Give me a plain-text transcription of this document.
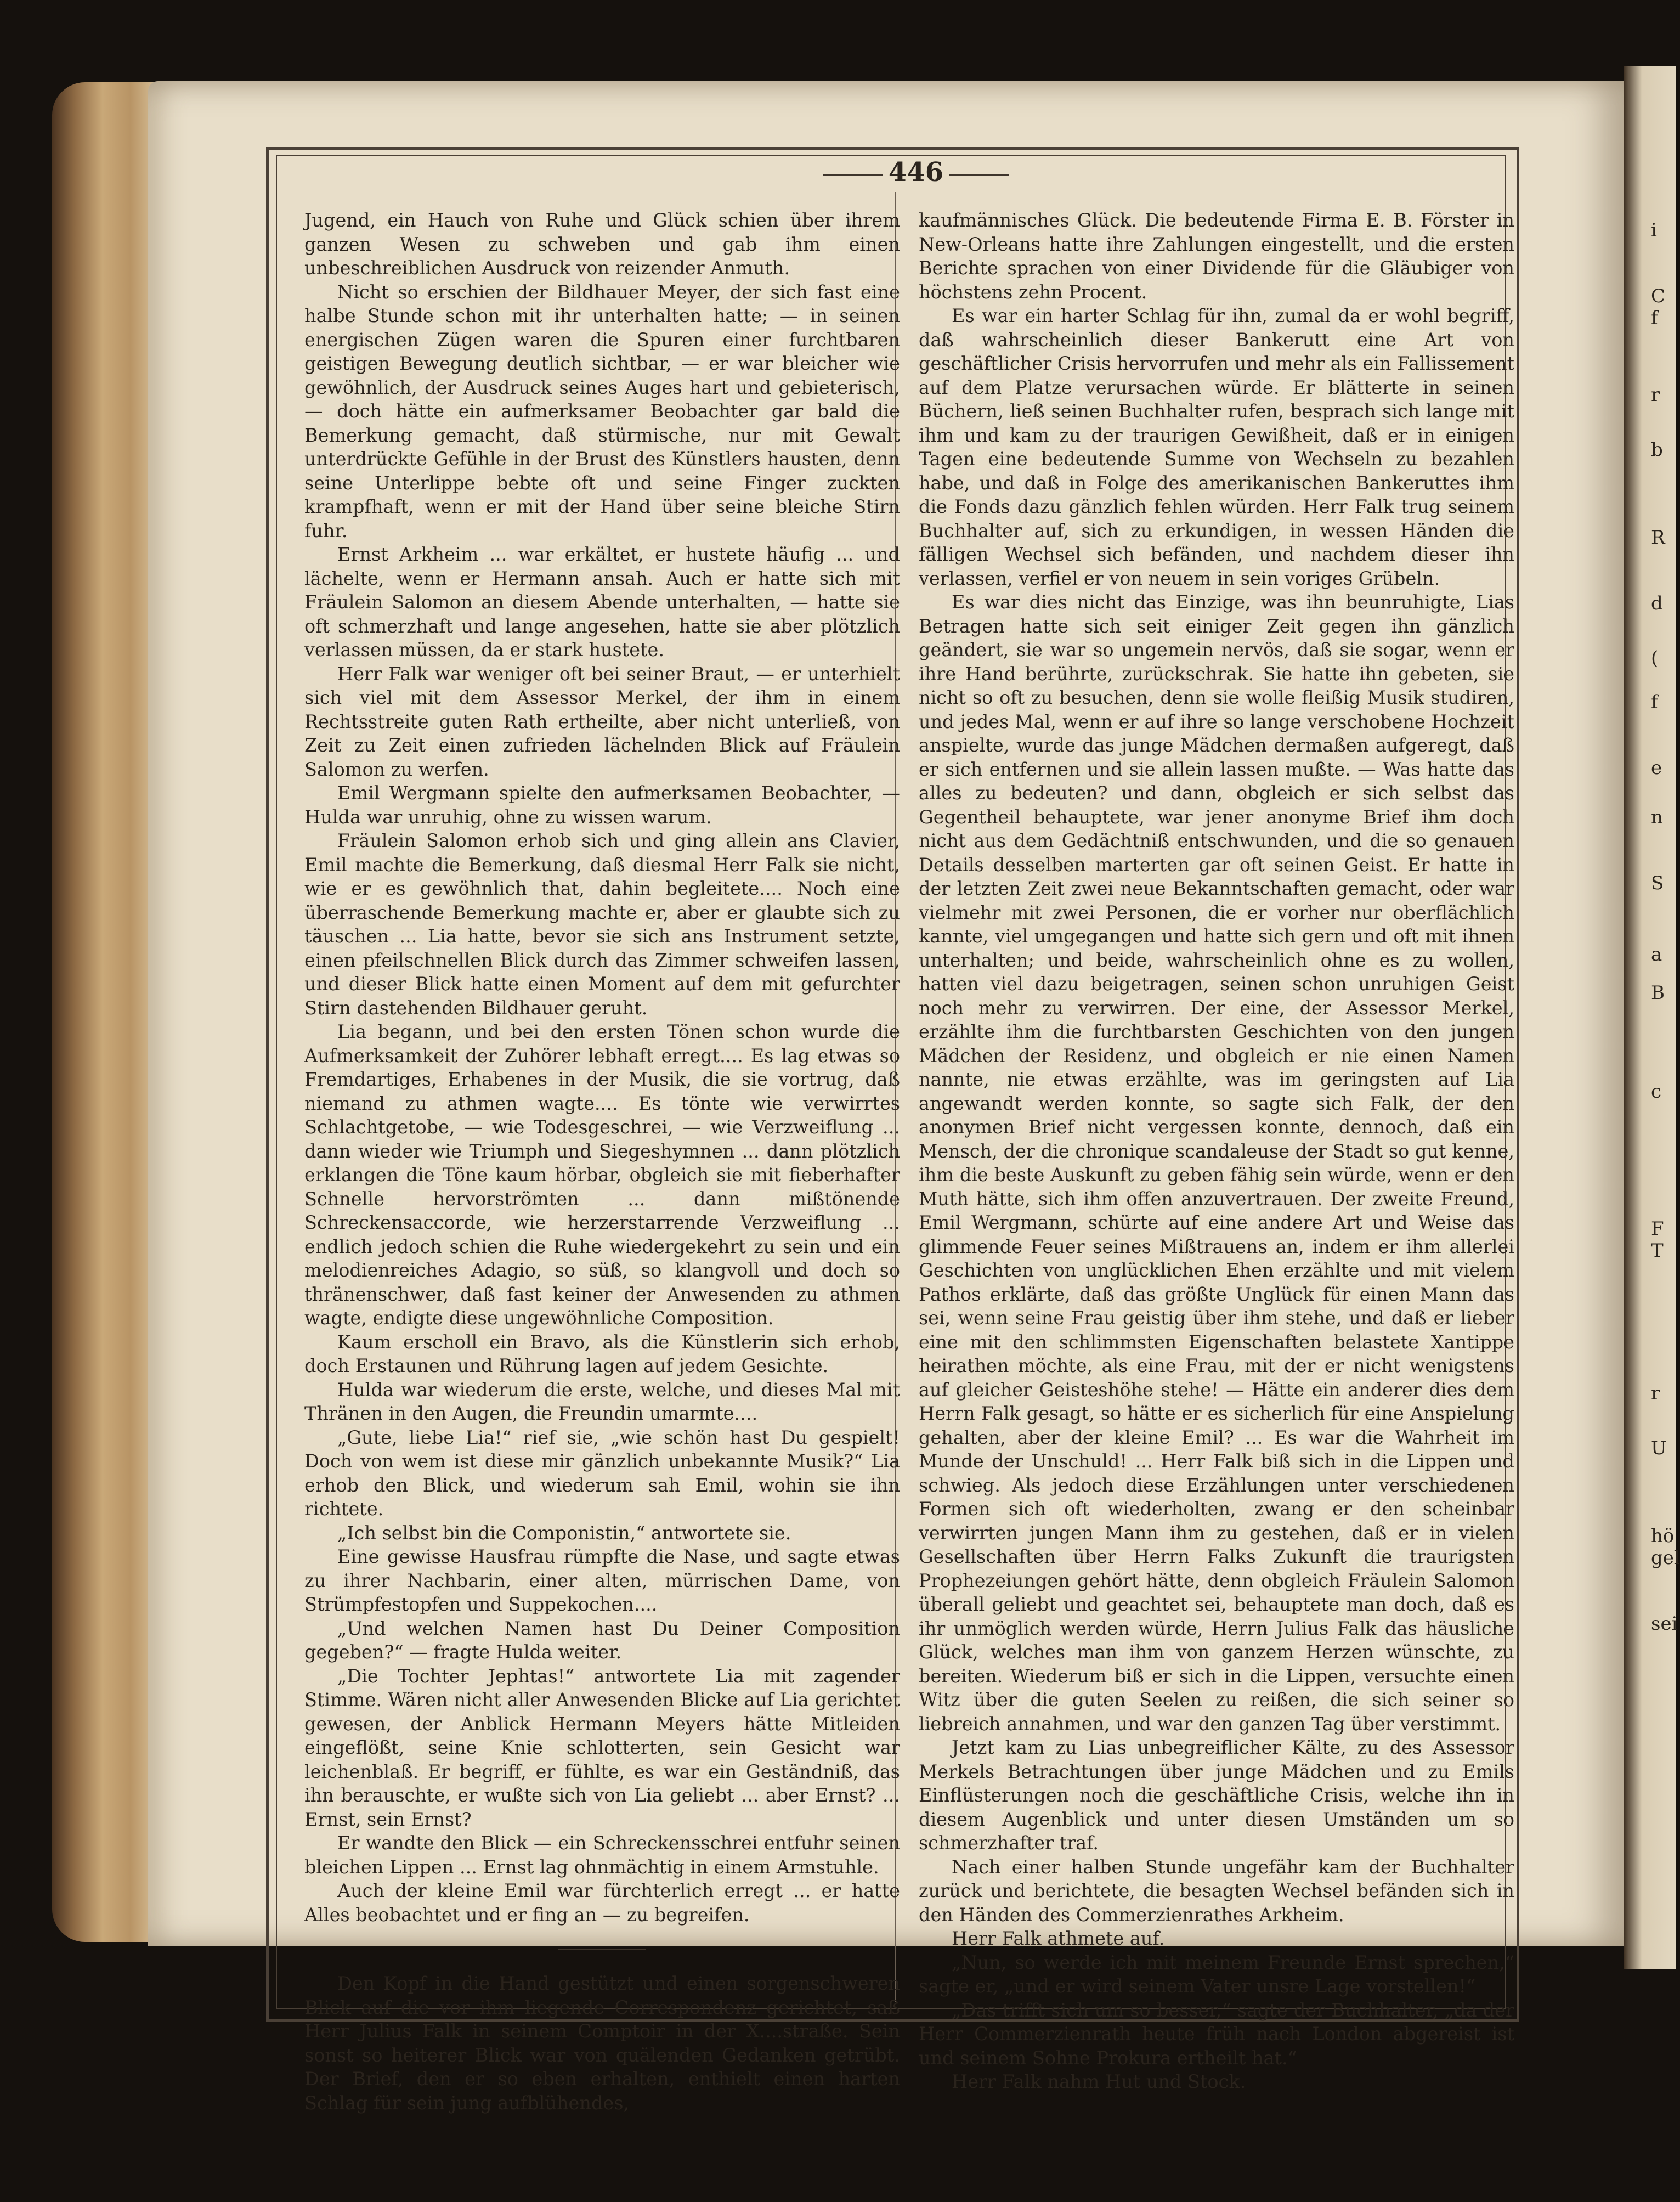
446

Jugend, ein Hauch von Ruhe und Glück schien über ihrem ganzen Wesen zu schweben und gab ihm einen unbeschreiblichen Ausdruck von reizender Anmuth.

Nicht so erschien der Bildhauer Meyer, der sich fast eine halbe Stunde schon mit ihr unterhalten hatte; — in seinen energischen Zügen waren die Spuren einer furchtbaren geistigen Bewegung deutlich sichtbar, — er war bleicher wie gewöhnlich, der Ausdruck seines Auges hart und gebieterisch, — doch hätte ein aufmerksamer Beobachter gar bald die Bemerkung gemacht, daß stürmische, nur mit Gewalt unterdrückte Gefühle in der Brust des Künstlers hausten, denn seine Unterlippe bebte oft und seine Finger zuckten krampfhaft, wenn er mit der Hand über seine bleiche Stirn fuhr.

Ernst Arkheim ... war erkältet, er hustete häufig ... und lächelte, wenn er Hermann ansah. Auch er hatte sich mit Fräulein Salomon an diesem Abende unterhalten, — hatte sie oft schmerzhaft und lange angesehen, hatte sie aber plötzlich verlassen müssen, da er stark hustete.

Herr Falk war weniger oft bei seiner Braut, — er unterhielt sich viel mit dem Assessor Merkel, der ihm in einem Rechtsstreite guten Rath ertheilte, aber nicht unterließ, von Zeit zu Zeit einen zufrieden lächelnden Blick auf Fräulein Salomon zu werfen.

Emil Wergmann spielte den aufmerksamen Beobachter, — Hulda war unruhig, ohne zu wissen warum.

Fräulein Salomon erhob sich und ging allein ans Clavier, Emil machte die Bemerkung, daß diesmal Herr Falk sie nicht, wie er es gewöhnlich that, dahin begleitete.... Noch eine überraschende Bemerkung machte er, aber er glaubte sich zu täuschen ... Lia hatte, bevor sie sich ans Instrument setzte, einen pfeilschnellen Blick durch das Zimmer schweifen lassen, und dieser Blick hatte einen Moment auf dem mit gefurchter Stirn dastehenden Bildhauer geruht.

Lia begann, und bei den ersten Tönen schon wurde die Aufmerksamkeit der Zuhörer lebhaft erregt.... Es lag etwas so Fremdartiges, Erhabenes in der Musik, die sie vortrug, daß niemand zu athmen wagte.... Es tönte wie verwirrtes Schlachtgetobe, — wie Todesgeschrei, — wie Verzweiflung ... dann wieder wie Triumph und Siegeshymnen ... dann plötzlich erklangen die Töne kaum hörbar, obgleich sie mit fieberhafter Schnelle hervorströmten ... dann mißtönende Schreckensaccorde, wie herzerstarrende Verzweiflung ... endlich jedoch schien die Ruhe wiedergekehrt zu sein und ein melodienreiches Adagio, so süß, so klangvoll und doch so thränenschwer, daß fast keiner der Anwesenden zu athmen wagte, endigte diese ungewöhnliche Composition.

Kaum erscholl ein Bravo, als die Künstlerin sich erhob, doch Erstaunen und Rührung lagen auf jedem Gesichte.

Hulda war wiederum die erste, welche, und dieses Mal mit Thränen in den Augen, die Freundin umarmte....

„Gute, liebe Lia!“ rief sie, „wie schön hast Du gespielt! Doch von wem ist diese mir gänzlich unbekannte Musik?“ Lia erhob den Blick, und wiederum sah Emil, wohin sie ihn richtete.

„Ich selbst bin die Componistin,“ antwortete sie.

Eine gewisse Hausfrau rümpfte die Nase, und sagte etwas zu ihrer Nachbarin, einer alten, mürrischen Dame, von Strümpfestopfen und Suppekochen....

„Und welchen Namen hast Du Deiner Composition gegeben?“ — fragte Hulda weiter.

„Die Tochter Jephtas!“ antwortete Lia mit zagender Stimme. Wären nicht aller Anwesenden Blicke auf Lia gerichtet gewesen, der Anblick Hermann Meyers hätte Mitleiden eingeflößt, seine Knie schlotterten, sein Gesicht war leichenblaß. Er begriff, er fühlte, es war ein Geständniß, das ihn berauschte, er wußte sich von Lia geliebt ... aber Ernst? ... Ernst, sein Ernst?

Er wandte den Blick — ein Schreckensschrei entfuhr seinen bleichen Lippen ... Ernst lag ohnmächtig in einem Armstuhle.

Auch der kleine Emil war fürchterlich erregt ... er hatte Alles beobachtet und er fing an — zu begreifen.

Den Kopf in die Hand gestützt und einen sorgenschweren Blick auf die vor ihm liegende Correspondenz gerichtet, saß Herr Julius Falk in seinem Comptoir in der X....straße. Sein sonst so heiterer Blick war von quälenden Gedanken getrübt. Der Brief, den er so eben erhalten, enthielt einen harten Schlag für sein jung aufblühendes,

kaufmännisches Glück. Die bedeutende Firma E. B. Förster in New-Orleans hatte ihre Zahlungen eingestellt, und die ersten Berichte sprachen von einer Dividende für die Gläubiger von höchstens zehn Procent.

Es war ein harter Schlag für ihn, zumal da er wohl begriff, daß wahrscheinlich dieser Bankerutt eine Art von geschäftlicher Crisis hervorrufen und mehr als ein Fallissement auf dem Platze verursachen würde. Er blätterte in seinen Büchern, ließ seinen Buchhalter rufen, besprach sich lange mit ihm und kam zu der traurigen Gewißheit, daß er in einigen Tagen eine bedeutende Summe von Wechseln zu bezahlen habe, und daß in Folge des amerikanischen Bankeruttes ihm die Fonds dazu gänzlich fehlen würden. Herr Falk trug seinem Buchhalter auf, sich zu erkundigen, in wessen Händen die fälligen Wechsel sich befänden, und nachdem dieser ihn verlassen, verfiel er von neuem in sein voriges Grübeln.

Es war dies nicht das Einzige, was ihn beunruhigte, Lias Betragen hatte sich seit einiger Zeit gegen ihn gänzlich geändert, sie war so ungemein nervös, daß sie sogar, wenn er ihre Hand berührte, zurückschrak. Sie hatte ihn gebeten, sie nicht so oft zu besuchen, denn sie wolle fleißig Musik studiren, und jedes Mal, wenn er auf ihre so lange verschobene Hochzeit anspielte, wurde das junge Mädchen dermaßen aufgeregt, daß er sich entfernen und sie allein lassen mußte. — Was hatte das alles zu bedeuten? und dann, obgleich er sich selbst das Gegentheil behauptete, war jener anonyme Brief ihm doch nicht aus dem Gedächtniß entschwunden, und die so genauen Details desselben marterten gar oft seinen Geist. Er hatte in der letzten Zeit zwei neue Bekanntschaften gemacht, oder war vielmehr mit zwei Personen, die er vorher nur oberflächlich kannte, viel umgegangen und hatte sich gern und oft mit ihnen unterhalten; und beide, wahrscheinlich ohne es zu wollen, hatten viel dazu beigetragen, seinen schon unruhigen Geist noch mehr zu verwirren. Der eine, der Assessor Merkel, erzählte ihm die furchtbarsten Geschichten von den jungen Mädchen der Residenz, und obgleich er nie einen Namen nannte, nie etwas erzählte, was im geringsten auf Lia angewandt werden konnte, so sagte sich Falk, der den anonymen Brief nicht vergessen konnte, dennoch, daß ein Mensch, der die chronique scandaleuse der Stadt so gut kenne, ihm die beste Auskunft zu geben fähig sein würde, wenn er den Muth hätte, sich ihm offen anzuvertrauen. Der zweite Freund, Emil Wergmann, schürte auf eine andere Art und Weise das glimmende Feuer seines Mißtrauens an, indem er ihm allerlei Geschichten von unglücklichen Ehen erzählte und mit vielem Pathos erklärte, daß das größte Unglück für einen Mann das sei, wenn seine Frau geistig über ihm stehe, und daß er lieber eine mit den schlimmsten Eigenschaften belastete Xantippe heirathen möchte, als eine Frau, mit der er nicht wenigstens auf gleicher Geisteshöhe stehe! — Hätte ein anderer dies dem Herrn Falk gesagt, so hätte er es sicherlich für eine Anspielung gehalten, aber der kleine Emil? ... Es war die Wahrheit im Munde der Unschuld! ... Herr Falk biß sich in die Lippen und schwieg. Als jedoch diese Erzählungen unter verschiedenen Formen sich oft wiederholten, zwang er den scheinbar verwirrten jungen Mann ihm zu gestehen, daß er in vielen Gesellschaften über Herrn Falks Zukunft die traurigsten Prophezeiungen gehört hätte, denn obgleich Fräulein Salomon überall geliebt und geachtet sei, behauptete man doch, daß es ihr unmöglich werden würde, Herrn Julius Falk das häusliche Glück, welches man ihm von ganzem Herzen wünschte, zu bereiten. Wiederum biß er sich in die Lippen, versuchte einen Witz über die guten Seelen zu reißen, die sich seiner so liebreich annahmen, und war den ganzen Tag über verstimmt.

Jetzt kam zu Lias unbegreiflicher Kälte, zu des Assessor Merkels Betrachtungen über junge Mädchen und zu Emils Einflüsterungen noch die geschäftliche Crisis, welche ihn in diesem Augenblick und unter diesen Umständen um so schmerzhafter traf.

Nach einer halben Stunde ungefähr kam der Buchhalter zurück und berichtete, die besagten Wechsel befänden sich in den Händen des Commerzienrathes Arkheim.

Herr Falk athmete auf.

„Nun, so werde ich mit meinem Freunde Ernst sprechen,“ sagte er, „und er wird seinem Vater unsre Lage vorstellen!“

„Das trifft sich um so besser,“ sagte der Buchhalter, „da der Herr Commerzienrath heute früh nach London abgereist ist und seinem Sohne Prokura ertheilt hat.“

Herr Falk nahm Hut und Stock.

i
C
f
r
b
R
d
(
f
e
n
S
a
B
c
F
T
r
U
hö
gel
sei
